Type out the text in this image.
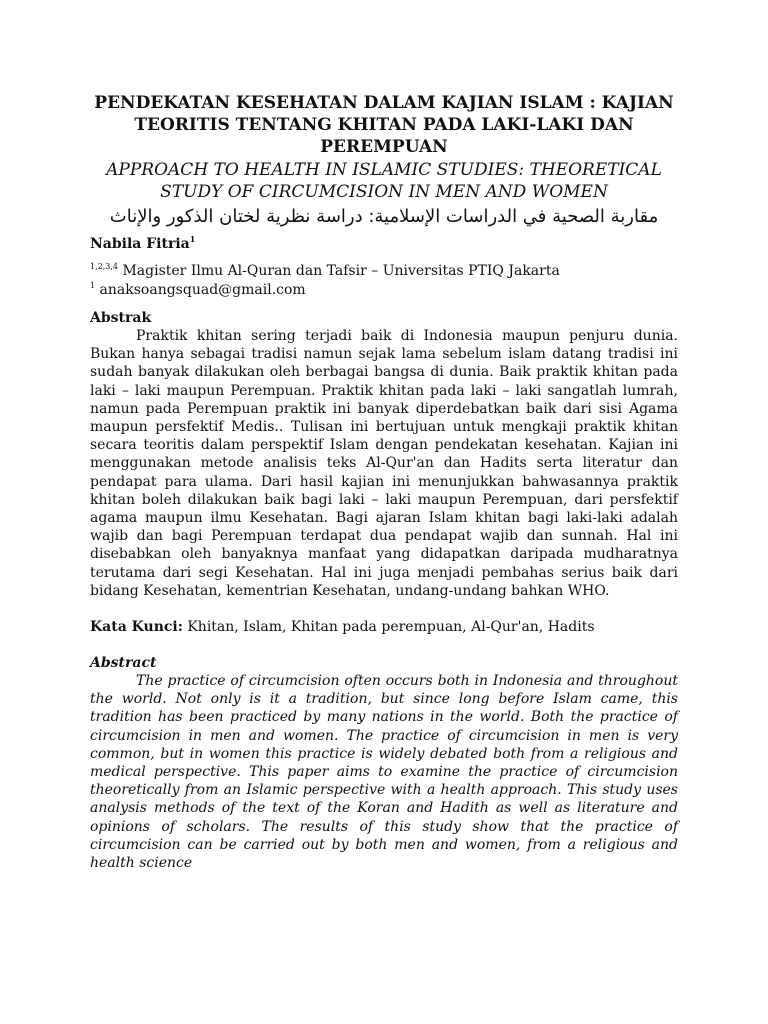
PENDEKATAN KESEHATAN DALAM KAJIAN ISLAM : KAJIAN TEORITIS TENTANG KHITAN PADA LAKI-LAKI DAN PEREMPUAN

APPROACH TO HEALTH IN ISLAMIC STUDIES: THEORETICAL STUDY OF CIRCUMCISION IN MEN AND WOMEN

مقاربة الصحية في الدراسات الإسلامية: دراسة نظرية لختان الذكور والإناث

Nabila Fitria$^1$

$^{1,2,3,4}$ Magister Ilmu Al-Quran dan Tafsir – Universitas PTIQ Jakarta

$^1$ anaksoangsquad@gmail.com

Abstrak

Praktik khitan sering terjadi baik di Indonesia maupun penjuru dunia. Bukan hanya sebagai tradisi namun sejak lama sebelum islam datang tradisi ini sudah banyak dilakukan oleh berbagai bangsa di dunia. Baik praktik khitan pada laki – laki maupun Perempuan. Praktik khitan pada laki – laki sangatlah lumrah, namun pada Perempuan praktik ini banyak diperdebatkan baik dari sisi Agama maupun persfektif Medis.. Tulisan ini bertujuan untuk mengkaji praktik khitan secara teoritis dalam perspektif Islam dengan pendekatan kesehatan. Kajian ini menggunakan metode analisis teks Al-Qur'an dan Hadits serta literatur dan pendapat para ulama. Dari hasil kajian ini menunjukkan bahwasannya praktik khitan boleh dilakukan baik bagi laki – laki maupun Perempuan, dari persfektif agama maupun ilmu Kesehatan. Bagi ajaran Islam khitan bagi laki-laki adalah wajib dan bagi Perempuan terdapat dua pendapat wajib dan sunnah. Hal ini disebabkan oleh banyaknya manfaat yang didapatkan daripada mudharatnya terutama dari segi Kesehatan. Hal ini juga menjadi pembahas serius baik dari bidang Kesehatan, kementrian Kesehatan, undang-undang bahkan WHO.

Kata Kunci: Khitan, Islam, Khitan pada perempuan, Al-Qur'an, Hadits

Abstract

The practice of circumcision often occurs both in Indonesia and throughout the world. Not only is it a tradition, but since long before Islam came, this tradition has been practiced by many nations in the world. Both the practice of circumcision in men and women. The practice of circumcision in men is very common, but in women this practice is widely debated both from a religious and medical perspective. This paper aims to examine the practice of circumcision theoretically from an Islamic perspective with a health approach. This study uses analysis methods of the text of the Koran and Hadith as well as literature and opinions of scholars. The results of this study show that the practice of circumcision can be carried out by both men and women, from a religious and health science
